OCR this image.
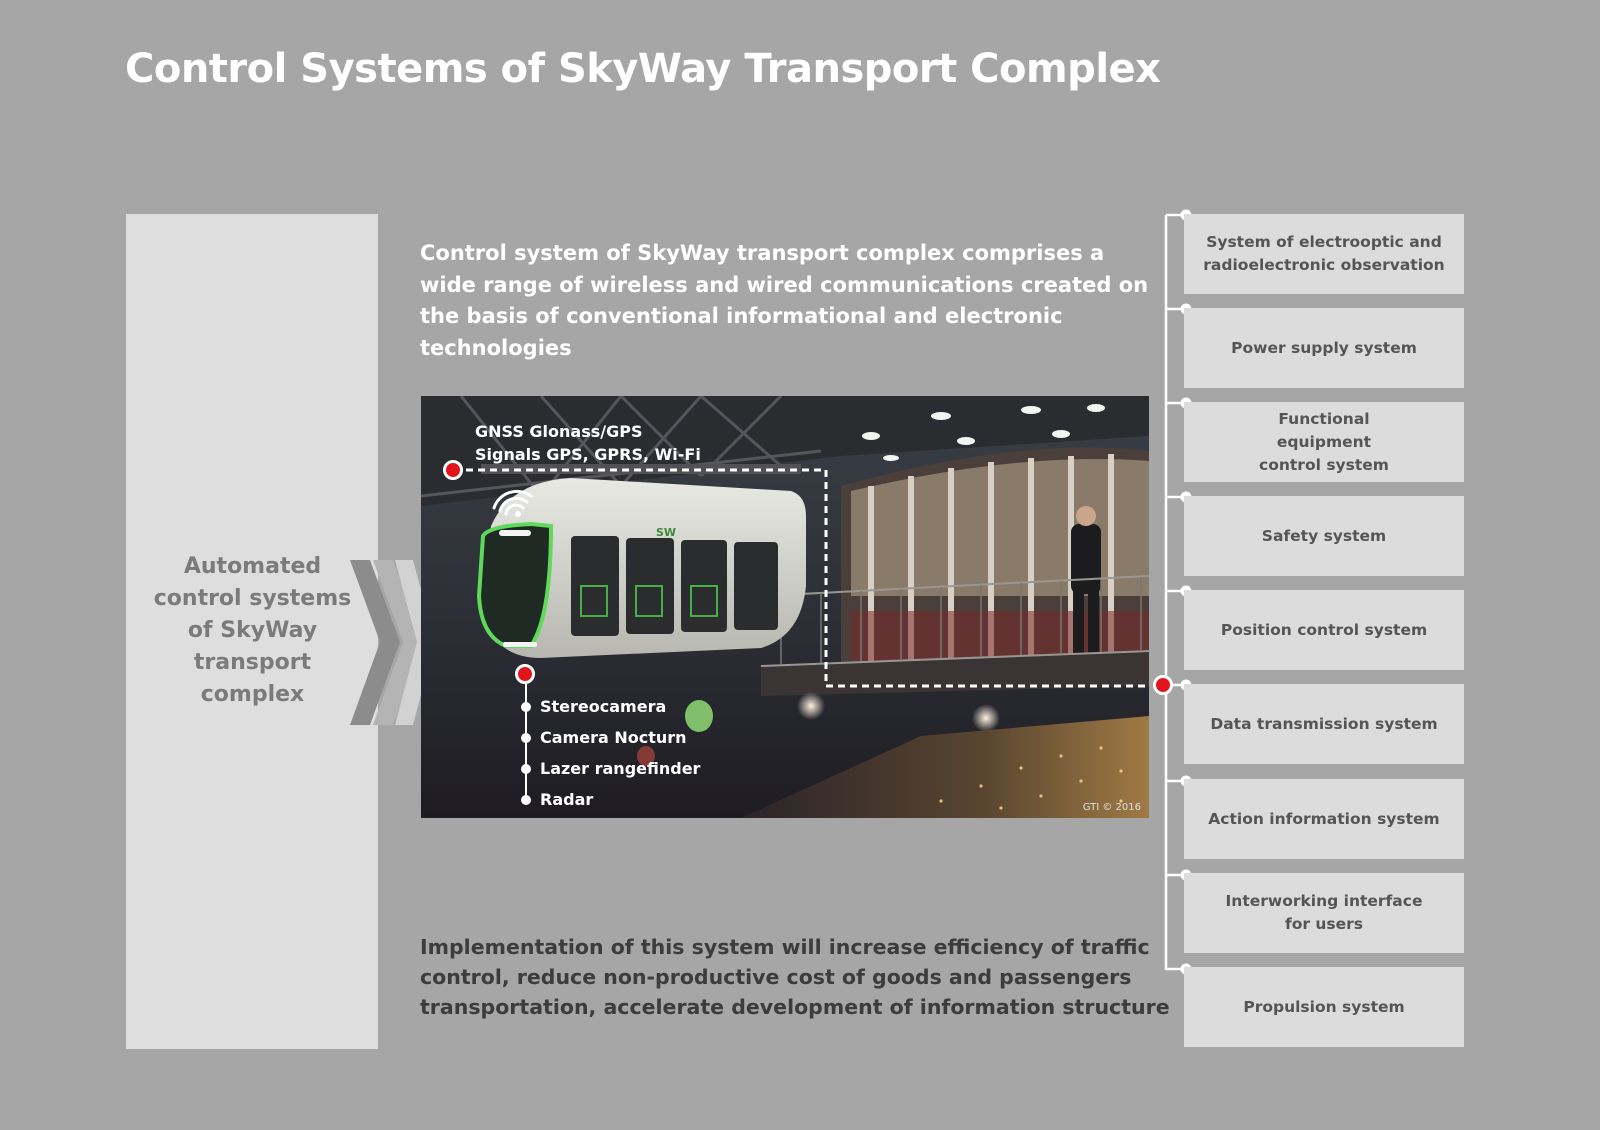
Control Systems of SkyWay Transport Complex
Automated control systems of SkyWay transport complex
Control system of SkyWay transport complex comprises a wide range of wireless and wired communications created on the basis of conventional informational and electronic technologies
SW
GNSS Glonass/GPS
Signals GPS, GPRS, Wi-Fi
Stereocamera
Camera Nocturn
Lazer rangefinder
Radar	GTI © 2016
Implementation of this system will increase efficiency of traffic control, reduce non-productive cost of goods and passengers transportation, accelerate development of information structure
System of electrooptic and radioelectronic observation
Power supply system
Functional equipment control system
Safety system
Position control system
Data transmission system
Action information system
Interworking interface for users
Propulsion system
